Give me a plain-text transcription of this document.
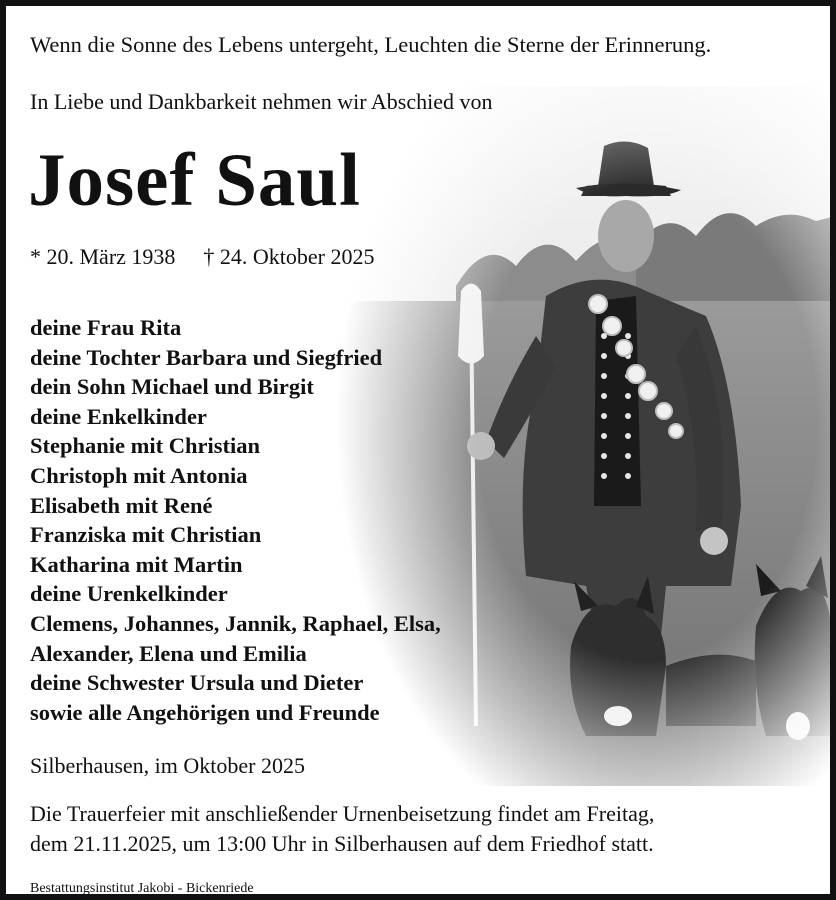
Wenn die Sonne des Lebens untergeht, Leuchten die Sterne der Erinnerung.
In Liebe und Dankbarkeit nehmen wir Abschied von
Josef Saul
* 20. März 1938 † 24. Oktober 2025
deine Frau Rita
deine Tochter Barbara und Siegfried
dein Sohn Michael und Birgit
deine Enkelkinder
Stephanie mit Christian
Christoph mit Antonia
Elisabeth mit René
Franziska mit Christian
Katharina mit Martin
deine Urenkelkinder
Clemens, Johannes, Jannik, Raphael, Elsa,
Alexander, Elena und Emilia
deine Schwester Ursula und Dieter
sowie alle Angehörigen und Freunde
Silberhausen, im Oktober 2025
Die Trauerfeier mit anschließender Urnenbeisetzung findet am Freitag,
dem 21.11.2025, um 13:00 Uhr in Silberhausen auf dem Friedhof statt.
Bestattungsinstitut Jakobi - Bickenriede
